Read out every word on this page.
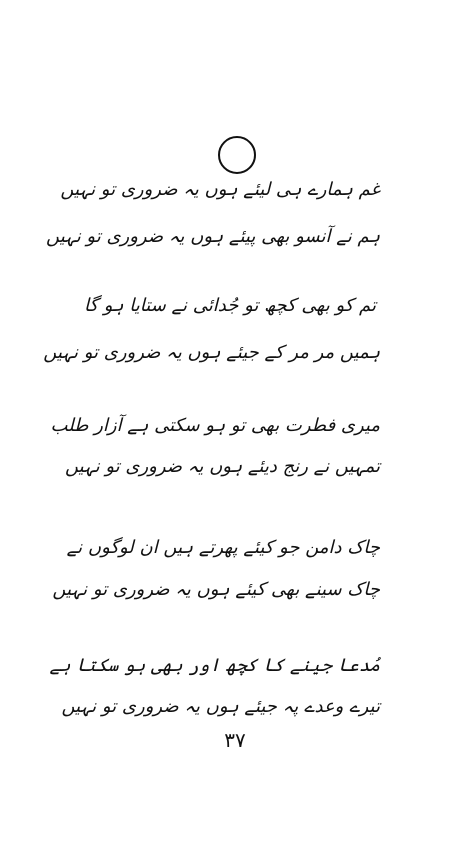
غم ہمارے ہی لیئے ہوں یہ ضروری تو نہیں
ہم نے آنسو بھی پیئے ہوں یہ ضروری تو نہیں
تم کو بھی کچھ تو جُدائی نے ستایا ہو گا
ہمیں مر مر کے جیئے ہوں یہ ضروری تو نہیں
میری فطرت بھی تو ہو سکتی ہے آزار طلب
تمہیں نے رنج دیئے ہوں یہ ضروری تو نہیں
چاک دامن جو کیئے پھرتے ہیں ان لوگوں نے
چاک سینے بھی کیئے ہوں یہ ضروری تو نہیں
مُدعا جینے کا کچھ اور بھی ہو سکتا ہے
تیرے وعدے پہ جیئے ہوں یہ ضروری تو نہیں
۳۷
